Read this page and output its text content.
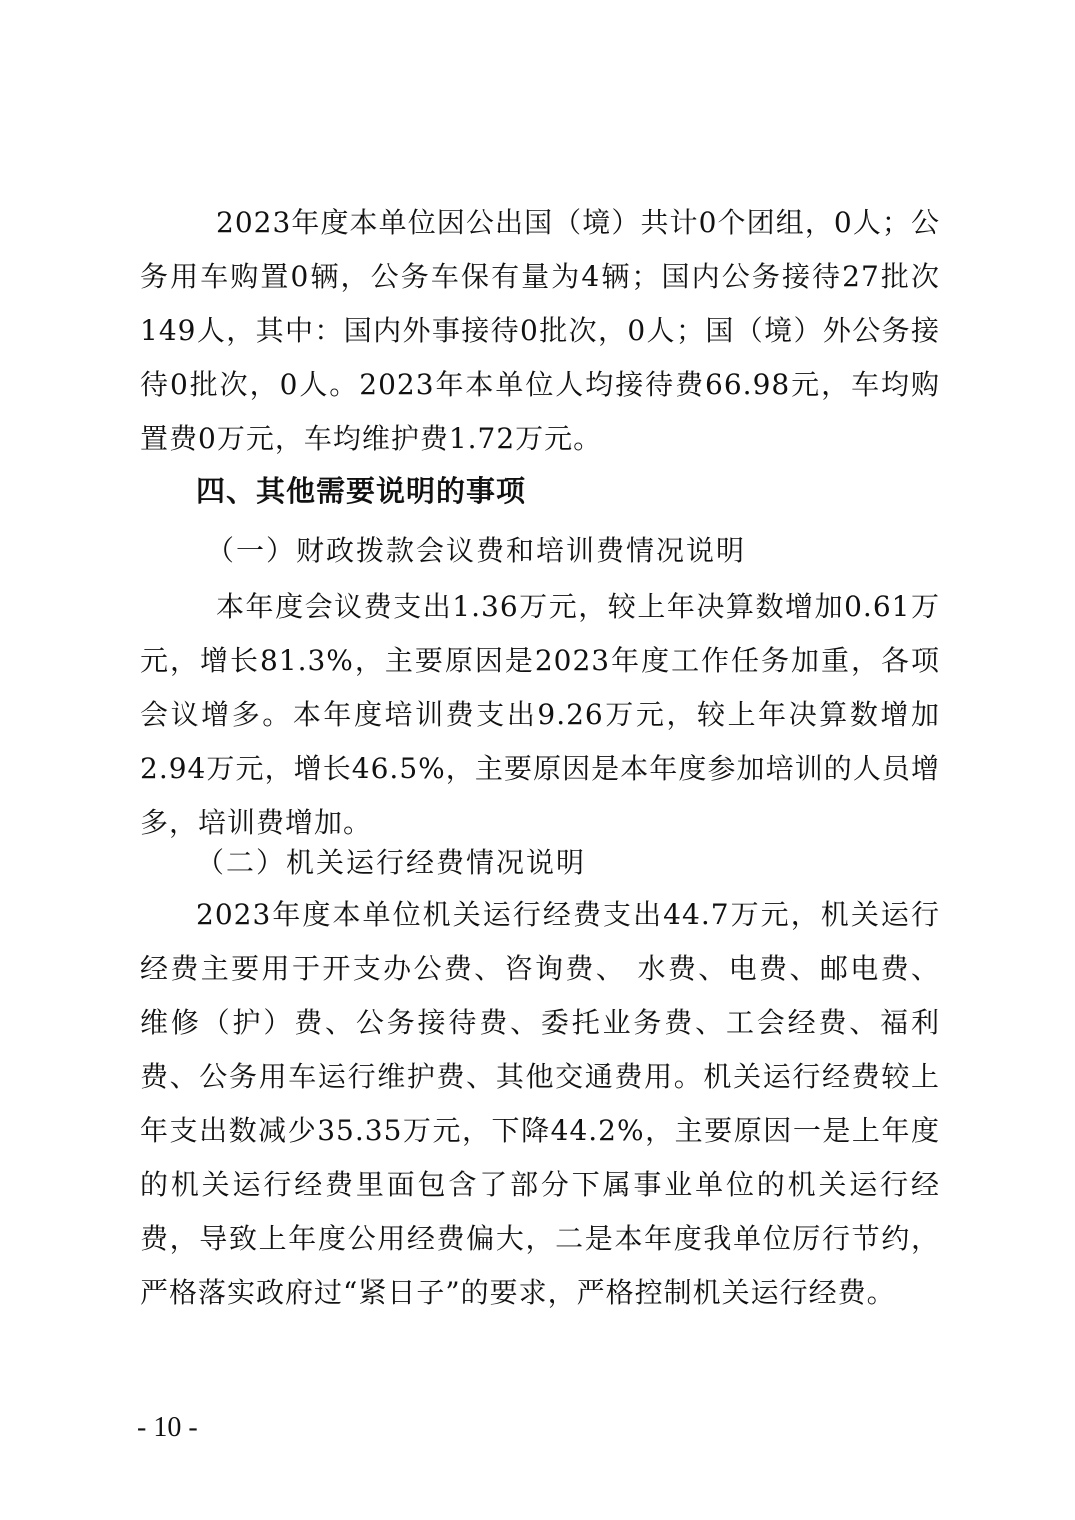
2023年度本单位因公出国（境）共计0个团组，0人；公务用车购置0辆，公务车保有量为4辆；国内公务接待27批次149人，其中：国内外事接待0批次，0人；国（境）外公务接待0批次，0人。2023年本单位人均接待费66.98元，车均购置费0万元，车均维护费1.72万元。
四、其他需要说明的事项
（一）财政拨款会议费和培训费情况说明
本年度会议费支出1.36万元，较上年决算数增加0.61万元，增长81.3%，主要原因是2023年度工作任务加重，各项会议增多。本年度培训费支出9.26万元，较上年决算数增加2.94万元，增长46.5%，主要原因是本年度参加培训的人员增多，培训费增加。
（二）机关运行经费情况说明
2023年度本单位机关运行经费支出44.7万元，机关运行经费主要用于开支办公费、咨询费、 水费、电费、邮电费、 维修（护）费、公务接待费、委托业务费、工会经费、福利费、公务用车运行维护费、其他交通费用。机关运行经费较上年支出数减少35.35万元，下降44.2%，主要原因一是上年度的机关运行经费里面包含了部分下属事业单位的机关运行经费，导致上年度公用经费偏大，二是本年度我单位厉行节约，严格落实政府过“紧日子”的要求，严格控制机关运行经费。
- 10 -
